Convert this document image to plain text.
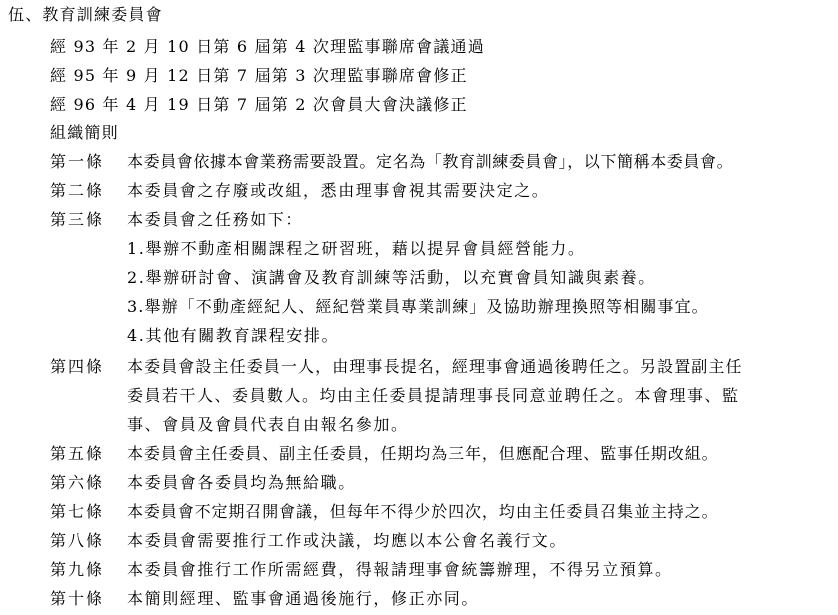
伍、教育訓練委員會
經 93 年 2 月 10 日第 6 屆第 4 次理監事聯席會議通過
經 95 年 9 月 12 日第 7 屆第 3 次理監事聯席會修正
經 96 年 4 月 19 日第 7 屆第 2 次會員大會決議修正
組織簡則
第一條 本委員會依據本會業務需要設置。定名為「教育訓練委員會」，以下簡稱本委員會。
第二條 本委員會之存廢或改組，悉由理事會視其需要決定之。
第三條 本委員會之任務如下：
1.舉辦不動產相關課程之研習班，藉以提昇會員經營能力。
2.舉辦研討會、演講會及教育訓練等活動，以充實會員知識與素養。
3.舉辦「不動產經紀人、經紀營業員專業訓練」及協助辦理換照等相關事宜。
4.其他有關教育課程安排。
第四條 本委員會設主任委員一人，由理事長提名，經理事會通過後聘任之。另設置副主任
委員若干人、委員數人。均由主任委員提請理事長同意並聘任之。本會理事、監
事、會員及會員代表自由報名參加。
第五條 本委員會主任委員、副主任委員，任期均為三年，但應配合理、監事任期改組。
第六條 本委員會各委員均為無給職。
第七條 本委員會不定期召開會議，但每年不得少於四次，均由主任委員召集並主持之。
第八條 本委員會需要推行工作或決議，均應以本公會名義行文。
第九條 本委員會推行工作所需經費，得報請理事會統籌辦理，不得另立預算。
第十條 本簡則經理、監事會通過後施行，修正亦同。
